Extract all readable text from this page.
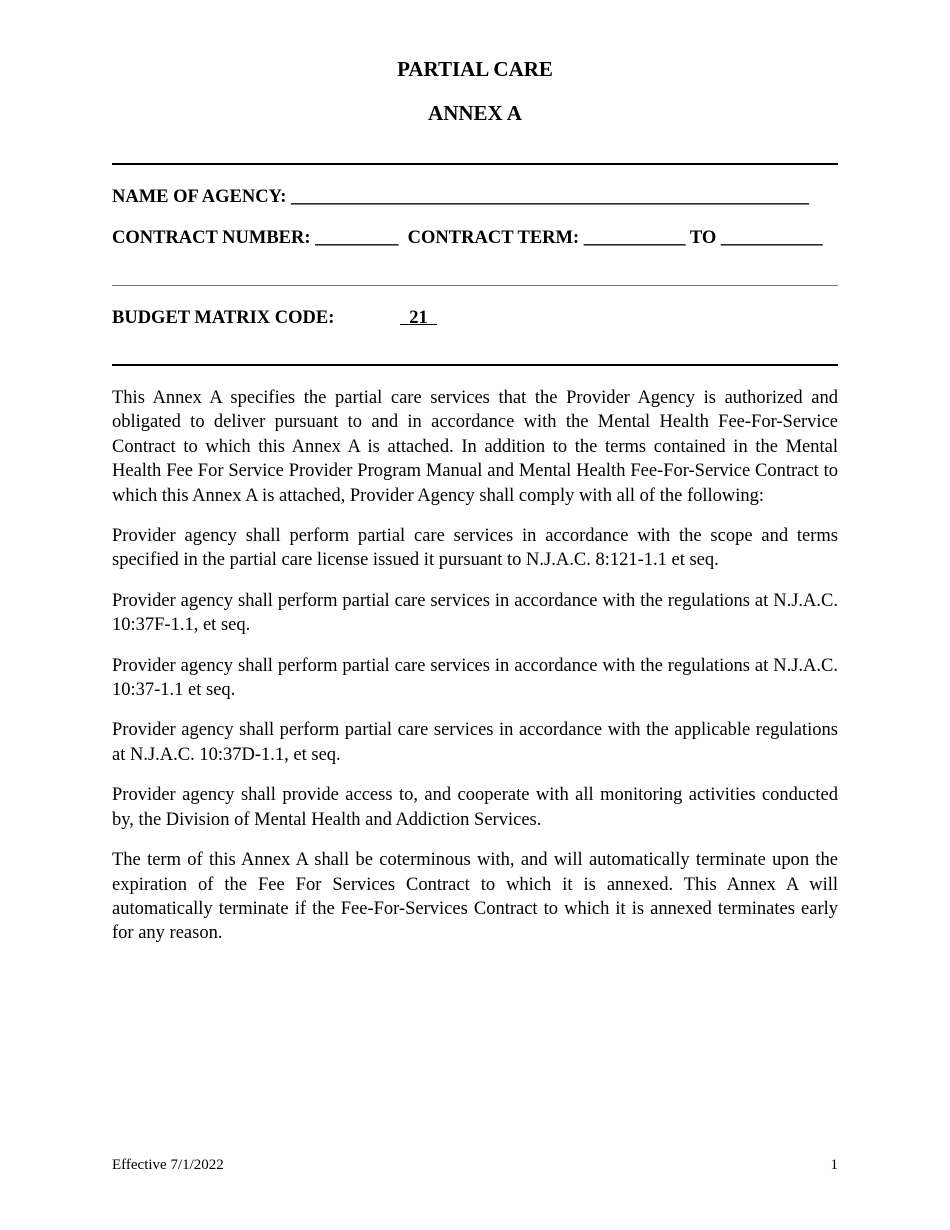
PARTIAL CARE
ANNEX A
NAME OF AGENCY: ________________________________________________________
CONTRACT NUMBER: _________  CONTRACT TERM: ___________ TO ___________
BUDGET MATRIX CODE:	21

This Annex A specifies the partial care services that the Provider Agency is authorized and obligated to deliver pursuant to and in accordance with the Mental Health Fee-For-Service Contract to which this Annex A is attached. In addition to the terms contained in the Mental Health Fee For Service Provider Program Manual and Mental Health Fee-For-Service Contract to which this Annex A is attached, Provider Agency shall comply with all of the following:

Provider agency shall perform partial care services in accordance with the scope and terms specified in the partial care license issued it pursuant to N.J.A.C. 8:121-1.1 et seq.

Provider agency shall perform partial care services in accordance with the regulations at N.J.A.C. 10:37F-1.1, et seq.

Provider agency shall perform partial care services in accordance with the regulations at N.J.A.C. 10:37-1.1 et seq.

Provider agency shall perform partial care services in accordance with the applicable regulations at N.J.A.C. 10:37D-1.1, et seq.

Provider agency shall provide access to, and cooperate with all monitoring activities conducted by, the Division of Mental Health and Addiction Services.

The term of this Annex A shall be coterminous with, and will automatically terminate upon the expiration of the Fee For Services Contract to which it is annexed. This Annex A will automatically terminate if the Fee-For-Services Contract to which it is annexed terminates early for any reason.

Effective 7/1/2022	1
